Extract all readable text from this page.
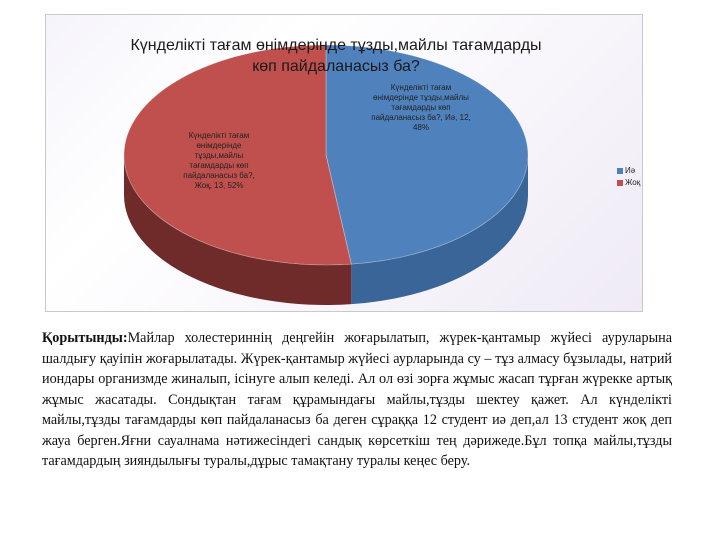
Күнделікті тағам өнімдерінде тұзды,майлы тағамдарды көп пайдаланасыз ба?
Күнделікті тағам өнімдерінде тұзды,майлы тағамдарды көп пайдаланасыз ба?, Иә, 12, 48%
Күнделікті тағам өнімдерінде тұзды,майлы тағамдарды көп пайдаланасыз ба?, Жоқ, 13, 52%
Иә
Жоқ

Қорытынды:Майлар холестериннің деңгейін жоғарылатып, жүрек-қантамыр жүйесі ауруларына шалдығу қауіпін жоғарылатады. Жүрек-қантамыр жүйесі аурларында су – тұз алмасу бұзылады, натрий иондары организмде жиналып, ісінуге алып келеді. Ал ол өзі зорға жұмыс жасап тұрған жүрекке артық жұмыс жасатады. Сондықтан тағам құрамындағы майлы,тұзды шектеу қажет. Ал күнделікті майлы,тұзды тағамдарды көп пайдаланасыз ба деген сұраққа 12 студент иә деп,ал 13 студент жоқ деп жауа берген.Яғни сауалнама нәтижесіндегі сандық көрсеткіш тең дәрижеде.Бұл топқа майлы,тұзды тағамдардың зияндылығы туралы,дұрыс тамақтану туралы кеңес беру.
